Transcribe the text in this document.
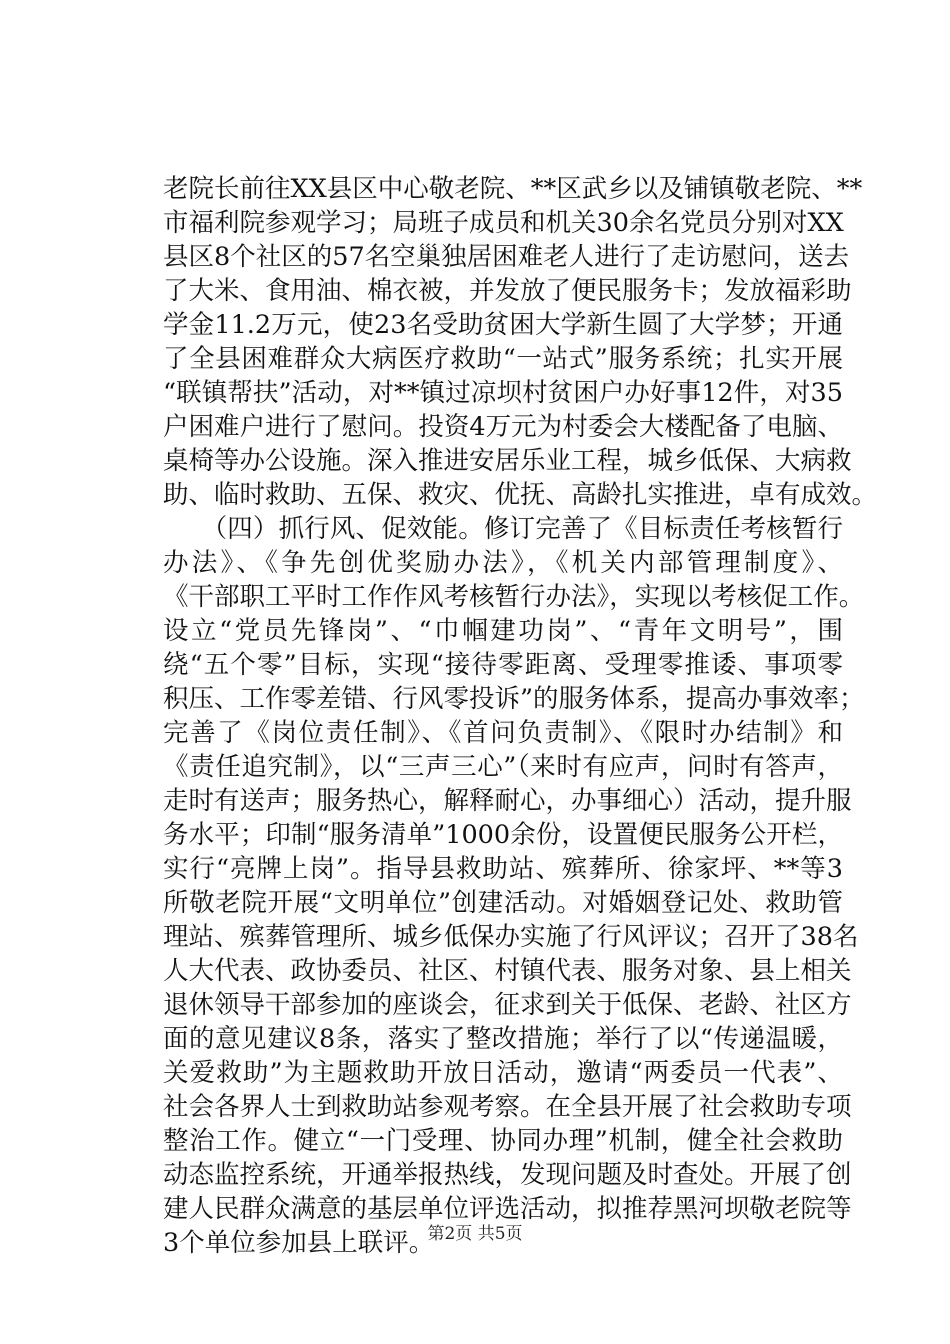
老院长前往XX县区中心敬老院、**区武乡以及铺镇敬老院、**
市福利院参观学习；局班子成员和机关30余名党员分别对XX
县区8个社区的57名空巢独居困难老人进行了走访慰问，送去
了大米、食用油、棉衣被，并发放了便民服务卡；发放福彩助
学金11.2万元，使23名受助贫困大学新生圆了大学梦；开通
了全县困难群众大病医疗救助“一站式”服务系统；扎实开展
“联镇帮扶”活动，对**镇过凉坝村贫困户办好事12件，对35
户困难户进行了慰问。投资4万元为村委会大楼配备了电脑、
桌椅等办公设施。深入推进安居乐业工程，城乡低保、大病救
助、临时救助、五保、救灾、优抚、高龄扎实推进，卓有成效。
　　（四）抓行风、促效能。修订完善了《目标责任考核暂行
办法》、《争先创优奖励办法》，《机关内部管理制度》、
《干部职工平时工作作风考核暂行办法》，实现以考核促工作。
设立“党员先锋岗”、“巾帼建功岗”、“青年文明号”，围
绕“五个零”目标，实现“接待零距离、受理零推诿、事项零
积压、工作零差错、行风零投诉”的服务体系，提高办事效率；
完善了《岗位责任制》、《首问负责制》、《限时办结制》和
《责任追究制》，以“三声三心”（来时有应声，问时有答声，
走时有送声；服务热心，解释耐心，办事细心）活动，提升服
务水平；印制“服务清单”1000余份，设置便民服务公开栏，
实行“亮牌上岗”。指导县救助站、殡葬所、徐家坪、**等3
所敬老院开展“文明单位”创建活动。对婚姻登记处、救助管
理站、殡葬管理所、城乡低保办实施了行风评议；召开了38名
人大代表、政协委员、社区、村镇代表、服务对象、县上相关
退休领导干部参加的座谈会，征求到关于低保、老龄、社区方
面的意见建议8条，落实了整改措施；举行了以“传递温暖，
关爱救助”为主题救助开放日活动，邀请“两委员一代表”、
社会各界人士到救助站参观考察。在全县开展了社会救助专项
整治工作。健立“一门受理、协同办理”机制，健全社会救助
动态监控系统，开通举报热线，发现问题及时查处。开展了创
建人民群众满意的基层单位评选活动，拟推荐黑河坝敬老院等
3个单位参加县上联评。
第2页 共5页
